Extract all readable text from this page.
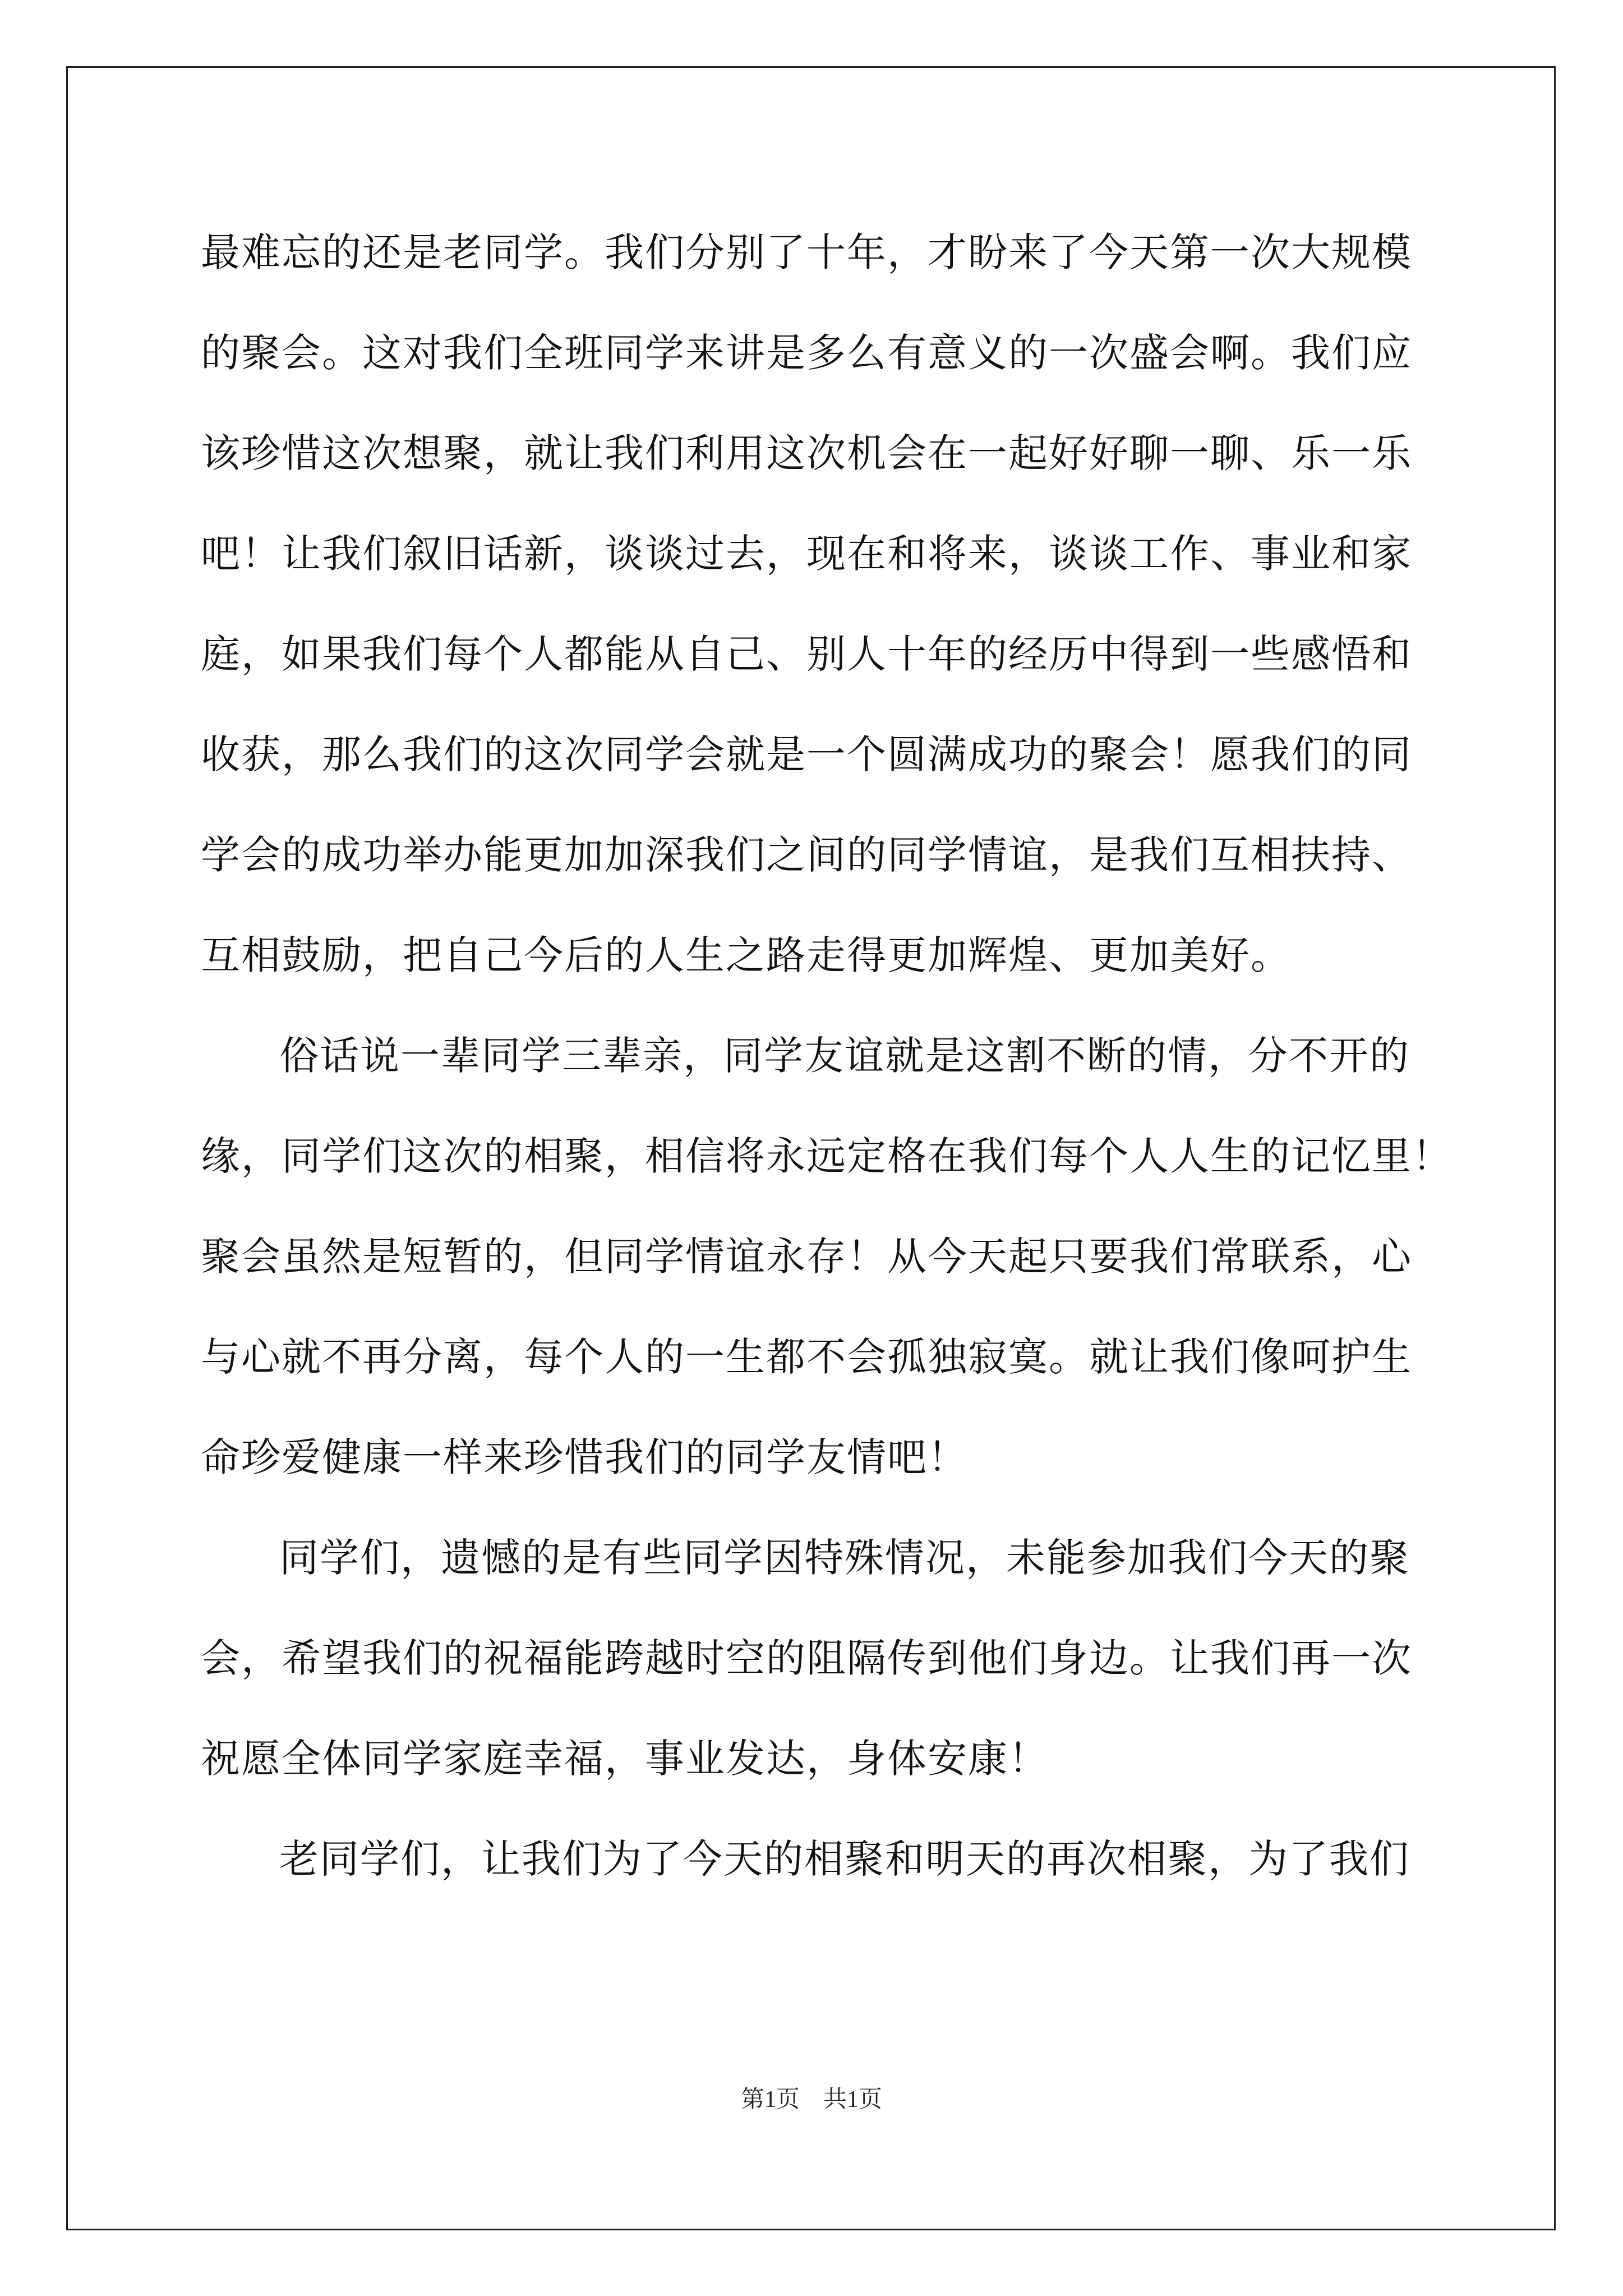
最难忘的还是老同学。我们分别了十年，才盼来了今天第一次大规模
的聚会。这对我们全班同学来讲是多么有意义的一次盛会啊。我们应
该珍惜这次想聚，就让我们利用这次机会在一起好好聊一聊、乐一乐
吧！让我们叙旧话新，谈谈过去，现在和将来，谈谈工作、事业和家
庭，如果我们每个人都能从自己、别人十年的经历中得到一些感悟和
收获，那么我们的这次同学会就是一个圆满成功的聚会！愿我们的同
学会的成功举办能更加加深我们之间的同学情谊，是我们互相扶持、
互相鼓励，把自己今后的人生之路走得更加辉煌、更加美好。
俗话说一辈同学三辈亲，同学友谊就是这割不断的情，分不开的
缘，同学们这次的相聚，相信将永远定格在我们每个人人生的记忆里！
聚会虽然是短暂的，但同学情谊永存！从今天起只要我们常联系，心
与心就不再分离，每个人的一生都不会孤独寂寞。就让我们像呵护生
命珍爱健康一样来珍惜我们的同学友情吧！
同学们，遗憾的是有些同学因特殊情况，未能参加我们今天的聚
会，希望我们的祝福能跨越时空的阻隔传到他们身边。让我们再一次
祝愿全体同学家庭幸福，事业发达，身体安康！
老同学们，让我们为了今天的相聚和明天的再次相聚，为了我们
第1页　共1页
